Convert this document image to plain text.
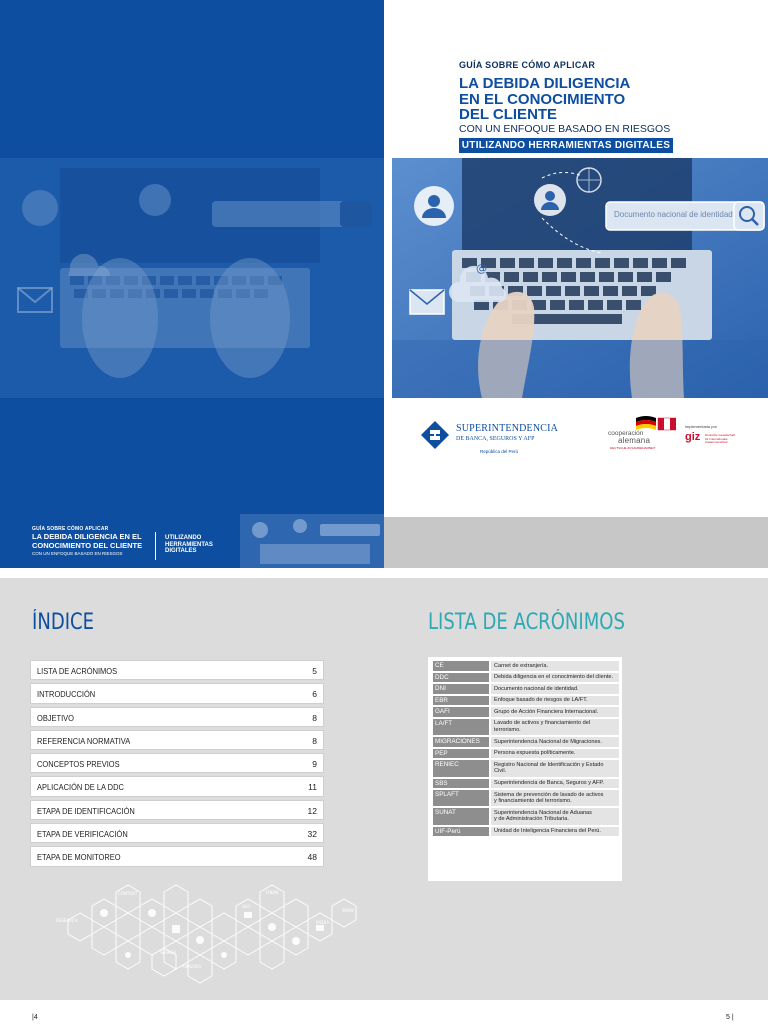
GUÍA SOBRE CÓMO APLICAR
LA DEBIDA DILIGENCIA EN EL
CONOCIMIENTO DEL CLIENTE
CON UN ENFOQUE BASADO EN RIESGOS
UTILIZANDO
HERRAMIENTAS
DIGITALES
GUÍA SOBRE CÓMO APLICAR
LA DEBIDA DILIGENCIA
EN EL CONOCIMIENTO
DEL CLIENTE
CON UN ENFOQUE BASADO EN RIESGOS
UTILIZANDO HERRAMIENTAS DIGITALES
@
Documento nacional de identidad
SUPERINTENDENCIA
DE BANCA, SEGUROS Y AFP
República del Perú
cooperación
alemana
DEUTSCHE ZUSAMMENARBEIT
implementada por
giz Deutsche Gesellschaft für Internationale Zusammenarbeit
ÍNDICE
LISTA DE ACRÓNIMOS	5
INTRODUCCIÓN	6
OBJETIVO	8
REFERENCIA NORMATIVA	8
CONCEPTOS PREVIOS	9
APLICACIÓN DE LA DDC	11
ETAPA DE IDENTIFICACIÓN	12
ETAPA DE VERIFICACIÓN	32
ETAPA DE MONITOREO	48
CONTENT	FINAN
RESEARCH
SEO
MEDIA
WWW
SEARCH
ANALYSIS
LISTA DE ACRÓNIMOS
CE	Carnet de extranjería.
DDC	Debida diligencia en el conocimiento del cliente.
DNI	Documento nacional de identidad.
EBR	Enfoque basado de riesgos de LA/FT.
GAFI	Grupo de Acción Financiera Internacional.
LA/FT	Lavado de activos y financiamiento del terrorismo.
MIGRACIONES	Superintendencia Nacional de Migraciones.
PEP	Persona expuesta políticamente.
RENIEC	Registro Nacional de Identificación y Estado Civil.
SBS	Superintendencia de Banca, Seguros y AFP.
SPLAFT	Sistema de prevención de lavado de activos
y financiamiento del terrorismo.
SUNAT	Superintendencia Nacional de Aduanas
y de Administración Tributaria.
UIF-Perú	Unidad de Inteligencia Financiera del Perú.
|4	5 |
